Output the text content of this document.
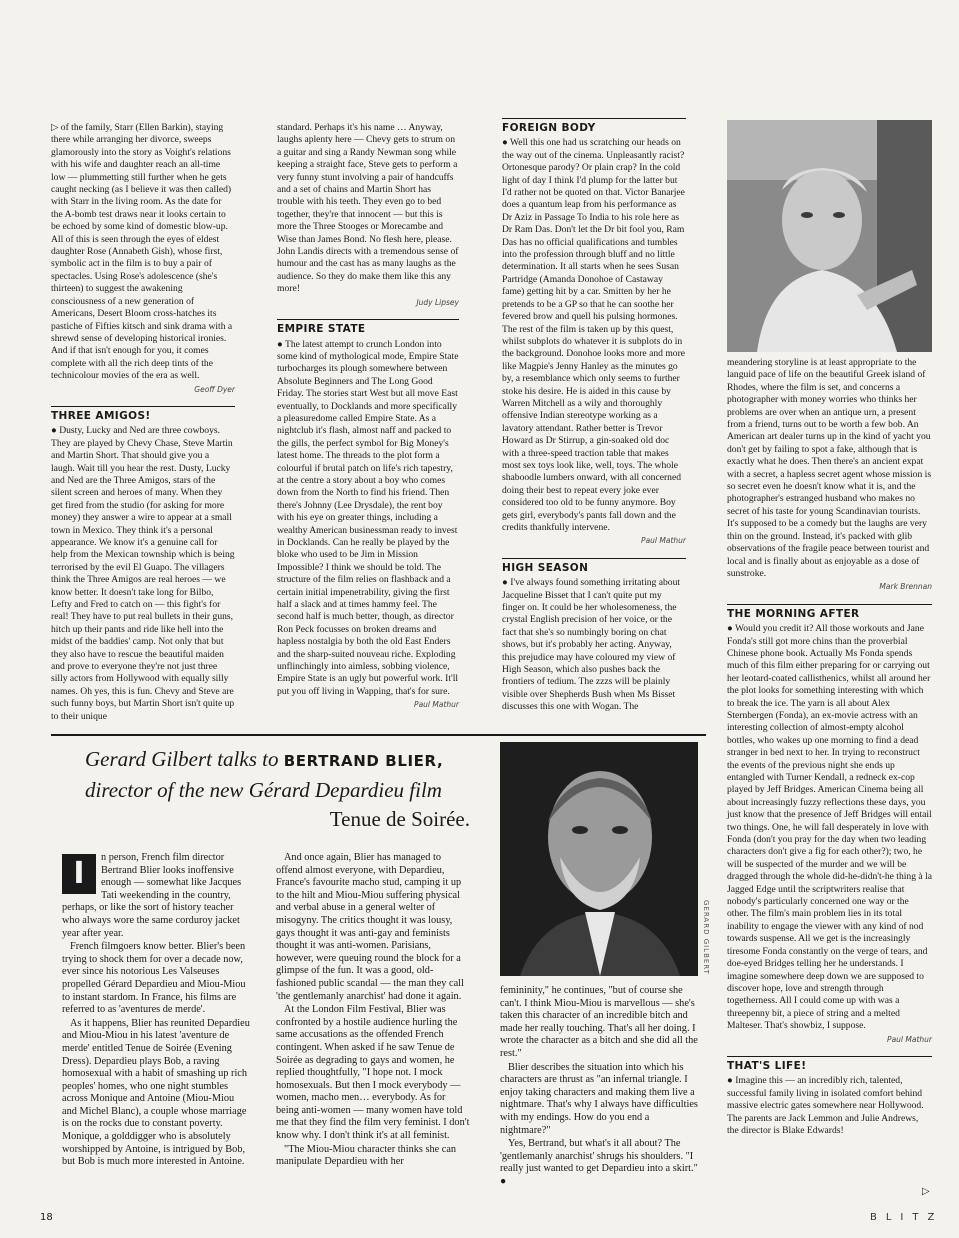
▷ of the family, Starr (Ellen Barkin), staying there while arranging her divorce, sweeps glamorously into the story as Voight's relations with his wife and daughter reach an all-time low — plummetting still further when he gets caught necking (as I believe it was then called) with Starr in the living room. As the date for the A-bomb test draws near it looks certain to be echoed by some kind of domestic blow-up. All of this is seen through the eyes of eldest daughter Rose (Annabeth Gish), whose first, symbolic act in the film is to buy a pair of spectacles. Using Rose's adolescence (she's thirteen) to suggest the awakening consciousness of a new generation of Americans, Desert Bloom cross-hatches its pastiche of Fifties kitsch and sink drama with a shrewd sense of developing historical ironies. And if that isn't enough for you, it comes complete with all the rich deep tints of the technicolour movies of the era as well.

Geoff Dyer
THREE AMIGOS!

● Dusty, Lucky and Ned are three cowboys. They are played by Chevy Chase, Steve Martin and Martin Short. That should give you a laugh. Wait till you hear the rest. Dusty, Lucky and Ned are the Three Amigos, stars of the silent screen and heroes of many. When they get fired from the studio (for asking for more money) they answer a wire to appear at a small town in Mexico. They think it's a personal appearance. We know it's a genuine call for help from the Mexican township which is being terrorised by the evil El Guapo. The villagers think the Three Amigos are real heroes — we know better. It doesn't take long for Bilbo, Lefty and Fred to catch on — this fight's for real! They have to put real bullets in their guns, hitch up their pants and ride like hell into the midst of the baddies' camp. Not only that but they also have to rescue the beautiful maiden and prove to everyone they're not just three silly actors from Hollywood with equally silly names. Oh yes, this is fun. Chevy and Steve are such funny boys, but Martin Short isn't quite up to their unique

standard. Perhaps it's his name … Anyway, laughs aplenty here — Chevy gets to strum on a guitar and sing a Randy Newman song while keeping a straight face, Steve gets to perform a very funny stunt involving a pair of handcuffs and a set of chains and Martin Short has trouble with his teeth. They even go to bed together, they're that innocent — but this is more the Three Stooges or Morecambe and Wise than James Bond. No flesh here, please. John Landis directs with a tremendous sense of humour and the cast has as many laughs as the audience. So they do make them like this any more!

Judy Lipsey
EMPIRE STATE

● The latest attempt to crunch London into some kind of mythological mode, Empire State turbocharges its plough somewhere between Absolute Beginners and The Long Good Friday. The stories start West but all move East eventually, to Docklands and more specifically a pleasuredome called Empire State. As a nightclub it's flash, almost naff and packed to the gills, the perfect symbol for Big Money's latest home. The threads to the plot form a colourful if brutal patch on life's rich tapestry, at the centre a story about a boy who comes down from the North to find his friend. Then there's Johnny (Lee Drysdale), the rent boy with his eye on greater things, including a wealthy American businessman ready to invest in Docklands. Can he really be played by the bloke who used to be Jim in Mission Impossible? I think we should be told. The structure of the film relies on flashback and a certain initial impenetrability, giving the first half a slack and at times hammy feel. The second half is much better, though, as director Ron Peck focusses on broken dreams and hapless nostalgia by both the old East Enders and the sharp-suited nouveau riche. Exploding unflinchingly into aimless, sobbing violence, Empire State is an ugly but powerful work. It'll put you off living in Wapping, that's for sure.

Paul Mathur
FOREIGN BODY

● Well this one had us scratching our heads on the way out of the cinema. Unpleasantly racist? Ortonesque parody? Or plain crap? In the cold light of day I think I'd plump for the latter but I'd rather not be quoted on that. Victor Banarjee does a quantum leap from his performance as Dr Aziz in Passage To India to his role here as Dr Ram Das. Don't let the Dr bit fool you, Ram Das has no official qualifications and tumbles into the profession through bluff and no little determination. It all starts when he sees Susan Partridge (Amanda Donohoe of Castaway fame) getting hit by a car. Smitten by her he pretends to be a GP so that he can soothe her fevered brow and quell his pulsing hormones. The rest of the film is taken up by this quest, whilst subplots do whatever it is subplots do in the background. Donohoe looks more and more like Magpie's Jenny Hanley as the minutes go by, a resemblance which only seems to further stoke his desire. He is aided in this cause by Warren Mitchell as a wily and thoroughly offensive Indian stereotype working as a lavatory attendant. Rather better is Trevor Howard as Dr Stirrup, a gin-soaked old doc with a three-speed traction table that makes most sex toys look like, well, toys. The whole shaboodle lumbers onward, with all concerned doing their best to repeat every joke ever considered too old to be funny anymore. Boy gets girl, everybody's pants fall down and the credits thankfully intervene.

Paul Mathur
HIGH SEASON

● I've always found something irritating about Jacqueline Bisset that I can't quite put my finger on. It could be her wholesomeness, the crystal English precision of her voice, or the fact that she's so numbingly boring on chat shows, but it's probably her acting. Anyway, this prejudice may have coloured my view of High Season, which also pushes back the frontiers of tedium. The zzzs will be plainly visible over Shepherds Bush when Ms Bisset discusses this one with Wogan. The

meandering storyline is at least appropriate to the languid pace of life on the beautiful Greek island of Rhodes, where the film is set, and concerns a photographer with money worries who thinks her problems are over when an antique urn, a present from a friend, turns out to be worth a few bob. An American art dealer turns up in the kind of yacht you don't get by failing to spot a fake, although that is exactly what he does. Then there's an ancient expat with a secret, a hapless secret agent whose mission is so secret even he doesn't know what it is, and the photographer's estranged husband who makes no secret of his taste for young Scandinavian tourists. It's supposed to be a comedy but the laughs are very thin on the ground. Instead, it's packed with glib observations of the fragile peace between tourist and local and is finally about as enjoyable as a dose of sunstroke.

Mark Brennan
THE MORNING AFTER

● Would you credit it? All those workouts and Jane Fonda's still got more chins than the proverbial Chinese phone book. Actually Ms Fonda spends much of this film either preparing for or carrying out her leotard-coated callisthenics, whilst all around her the plot looks for something interesting with which to break the ice. The yarn is all about Alex Sternbergen (Fonda), an ex-movie actress with an interesting collection of almost-empty alcohol bottles, who wakes up one morning to find a dead stranger in bed next to her. In trying to reconstruct the events of the previous night she ends up entangled with Turner Kendall, a redneck ex-cop played by Jeff Bridges. American Cinema being all about increasingly fuzzy reflections these days, you just know that the presence of Jeff Bridges will entail two things. One, he will fall desperately in love with Fonda (don't you pray for the day when two leading characters don't give a fig for each other?); two, he will be suspected of the murder and we will be dragged through the whole did-he-didn't-he thing à la Jagged Edge until the scriptwriters realise that nobody's particularly concerned one way or the other. The film's main problem lies in its total inability to engage the viewer with any kind of nod towards suspense. All we get is the increasingly tiresome Fonda constantly on the verge of tears, and doe-eyed Bridges telling her he understands. I imagine somewhere deep down we are supposed to discover hope, love and strength through togetherness. All I could come up with was a threepenny bit, a piece of string and a melted Malteser. That's showbiz, I suppose.

Paul Mathur
THAT'S LIFE!

● Imagine this — an incredibly rich, talented, successful family living in isolated comfort behind massive electric gates somewhere near Hollywood. The parents are Jack Lemmon and Julie Andrews, the director is Blake Edwards!

Gerard Gilbert talks to BERTRAND BLIER,
director of the new Gérard Depardieu film
Tenue de Soirée.
I	n person, French film director Bertrand Blier looks inoffensive enough — somewhat like Jacques Tati weekending in the country, perhaps, or like the sort of history teacher who always wore the same corduroy jacket year after year.

French filmgoers know better. Blier's been trying to shock them for over a decade now, ever since his notorious Les Valseuses propelled Gérard Depardieu and Miou-Miou to instant stardom. In France, his films are referred to as 'aventures de merde'.

As it happens, Blier has reunited Depardieu and Miou-Miou in his latest 'aventure de merde' entitled Tenue de Soirée (Evening Dress). Depardieu plays Bob, a raving homosexual with a habit of smashing up rich peoples' homes, who one night stumbles across Monique and Antoine (Miou-Miou and Michel Blanc), a couple whose marriage is on the rocks due to constant poverty. Monique, a golddigger who is absolutely worshipped by Antoine, is intrigued by Bob, but Bob is much more interested in Antoine.

And once again, Blier has managed to offend almost everyone, with Depardieu, France's favourite macho stud, camping it up to the hilt and Miou-Miou suffering physical and verbal abuse in a general welter of misogyny. The critics thought it was lousy, gays thought it was anti-gay and feminists thought it was anti-women. Parisians, however, were queuing round the block for a glimpse of the fun. It was a good, old-fashioned public scandal — the man they call 'the gentlemanly anarchist' had done it again.

At the London Film Festival, Blier was confronted by a hostile audience hurling the same accusations as the offended French contingent. When asked if he saw Tenue de Soirée as degrading to gays and women, he replied thoughtfully, "I hope not. I mock homosexuals. But then I mock everybody — women, macho men… everybody. As for being anti-women — many women have told me that they find the film very feminist. I don't know why. I don't think it's at all feminist.

"The Miou-Miou character thinks she can manipulate Depardieu with her

GERARD GILBERT

femininity," he continues, "but of course she can't. I think Miou-Miou is marvellous — she's taken this character of an incredible bitch and made her really touching. That's all her doing. I wrote the character as a bitch and she did all the rest."

Blier describes the situation into which his characters are thrust as "an infernal triangle. I enjoy taking characters and making them live a nightmare. That's why I always have difficulties with my endings. How do you end a nightmare?"

Yes, Bertrand, but what's it all about? The 'gentlemanly anarchist' shrugs his shoulders. "I really just wanted to get Depardieu into a skirt." ●

18	BLITZ
▷
